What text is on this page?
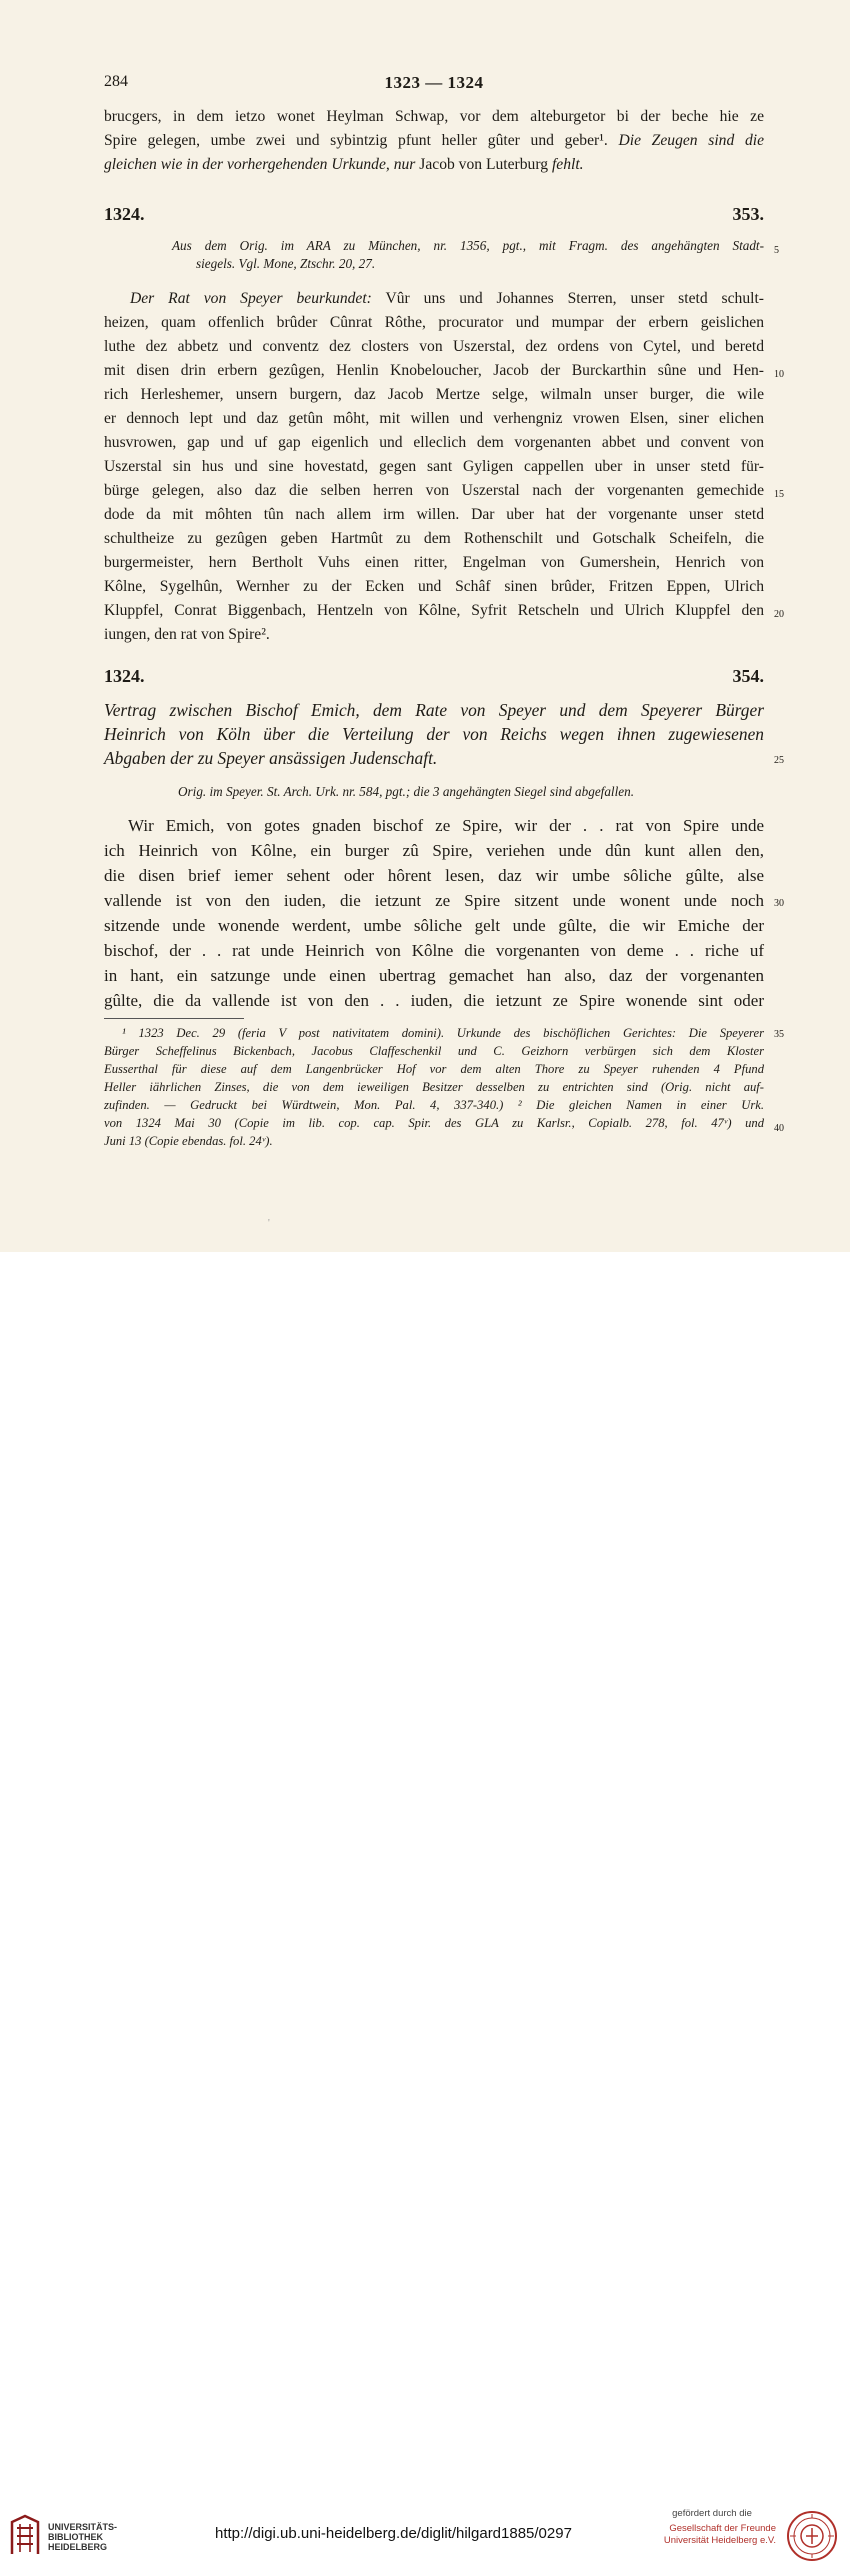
284	1323 — 1324
brucgers, in dem ietzo wonet Heylman Schwap, vor dem alteburgetor bi der beche hie ze
Spire gelegen, umbe zwei und sybintzig pfunt heller gûter und geber¹. Die Zeugen sind die
gleichen wie in der vorhergehenden Urkunde, nur Jacob von Luterburg fehlt.
1324.	353.
Aus dem Orig. im ARA zu München, nr. 1356, pgt., mit Fragm. des angehängten Stadt-
siegels. Vgl. Mone, Ztschr. 20, 27.
Der Rat von Speyer beurkundet: Vûr uns und Johannes Sterren, unser stetd schult-
heizen, quam offenlich brûder Cûnrat Rôthe, procurator und mumpar der erbern geislichen
luthe dez abbetz und conventz dez closters von Uszerstal, dez ordens von Cytel, und beretd
mit disen drin erbern gezûgen, Henlin Knobeloucher, Jacob der Burckarthin sûne und Hen-
rich Herleshemer, unsern burgern, daz Jacob Mertze selge, wilmaln unser burger, die wile
er dennoch lept und daz getûn môht, mit willen und verhengniz vrowen Elsen, siner elichen
husvrowen, gap und uf gap eigenlich und elleclich dem vorgenanten abbet und convent von
Uszerstal sin hus und sine hovestatd, gegen sant Gyligen cappellen uber in unser stetd für-
bürge gelegen, also daz die selben herren von Uszerstal nach der vorgenanten gemechide
dode da mit môhten tûn nach allem irm willen. Dar uber hat der vorgenante unser stetd
schultheize zu gezûgen geben Hartmût zu dem Rothenschilt und Gotschalk Scheifeln, die
burgermeister, hern Bertholt Vuhs einen ritter, Engelman von Gumershein, Henrich von
Kôlne, Sygelhûn, Wernher zu der Ecken und Schâf sinen brûder, Fritzen Eppen, Ulrich
Kluppfel, Conrat Biggenbach, Hentzeln von Kôlne, Syfrit Retscheln und Ulrich Kluppfel den
iungen, den rat von Spire².
1324.	354.
Vertrag zwischen Bischof Emich, dem Rate von Speyer und dem Speyerer Bürger
Heinrich von Köln über die Verteilung der von Reichs wegen ihnen zugewiesenen
Abgaben der zu Speyer ansässigen Judenschaft.
Orig. im Speyer. St. Arch. Urk. nr. 584, pgt.; die 3 angehängten Siegel sind abgefallen.
Wir Emich, von gotes gnaden bischof ze Spire, wir der . . rat von Spire unde
ich Heinrich von Kôlne, ein burger zû Spire, veriehen unde dûn kunt allen den,
die disen brief iemer sehent oder hôrent lesen, daz wir umbe sôliche gûlte, alse
vallende ist von den iuden, die ietzunt ze Spire sitzent unde wonent unde noch
sitzende unde wonende werdent, umbe sôliche gelt unde gûlte, die wir Emiche der
bischof, der . . rat unde Heinrich von Kôlne die vorgenanten von deme . . riche uf
in hant, ein satzunge unde einen ubertrag gemachet han also, daz der vorgenanten
gûlte, die da vallende ist von den . . iuden, die ietzunt ze Spire wonende sint oder
¹ 1323 Dec. 29 (feria V post nativitatem domini). Urkunde des bischöflichen Gerichtes: Die Speyerer
Bürger Scheffelinus Bickenbach, Jacobus Claffeschenkil und C. Geizhorn verbürgen sich dem Kloster
Eusserthal für diese auf dem Langenbrücker Hof vor dem alten Thore zu Speyer ruhenden 4 Pfund
Heller iährlichen Zinses, die von dem ieweiligen Besitzer desselben zu entrichten sind (Orig. nicht auf-
zufinden. — Gedruckt bei Würdtwein, Mon. Pal. 4, 337-340.) ² Die gleichen Namen in einer Urk.
von 1324 Mai 30 (Copie im lib. cop. cap. Spir. des GLA zu Karlsr., Copialb. 278, fol. 47ᵛ) und
Juni 13 (Copie ebendas. fol. 24ᵛ).
5
10
15
20
25
30
35
40
'
UNIVERSITÄTS-
BIBLIOTHEK
HEIDELBERG
http://digi.ub.uni-heidelberg.de/diglit/hilgard1885/0297
gefördert durch die
Gesellschaft der Freunde
Universität Heidelberg e.V.
